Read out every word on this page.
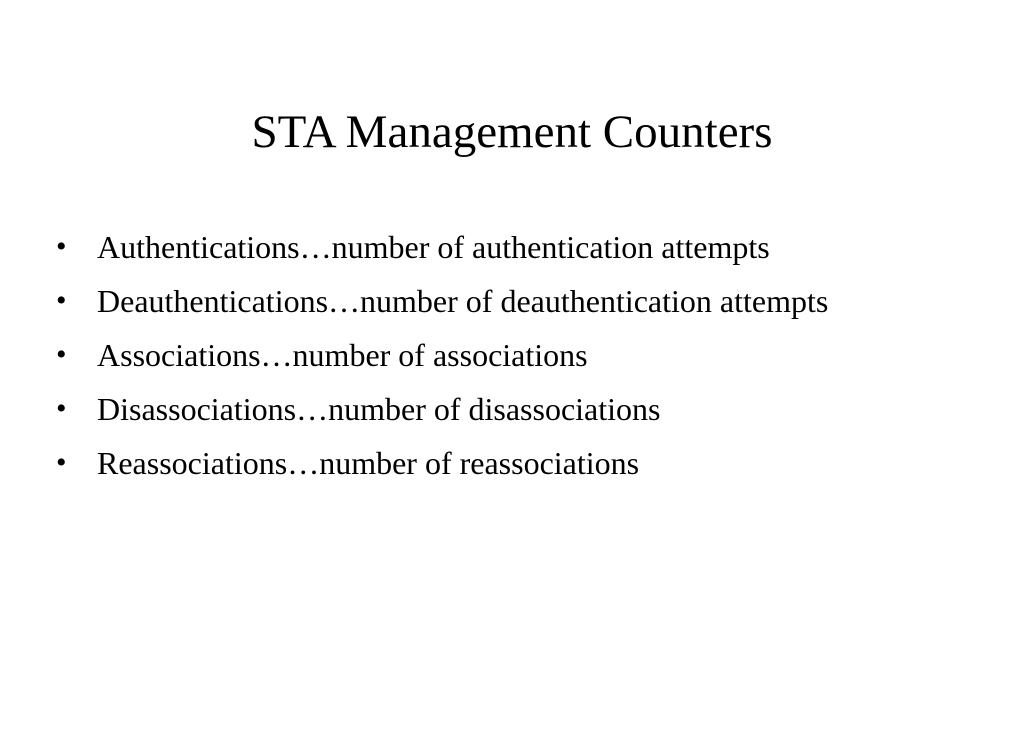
STA Management Counters
• Authentications…number of authentication attempts
• Deauthentications…number of deauthentication attempts
• Associations…number of associations
• Disassociations…number of disassociations
• Reassociations…number of reassociations
